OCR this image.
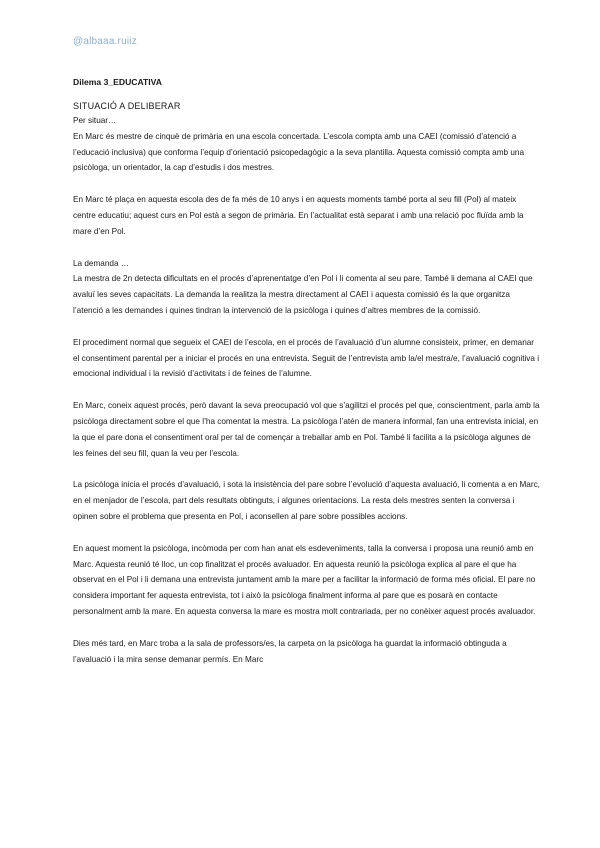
@albaaa.ruiiz
Dilema 3_EDUCATIVA
SITUACIÓ A DELIBERAR

Per situar…

En Marc és mestre de cinquè de primària en una escola concertada. L’escola compta amb una CAEI (comissió d’atenció a l’educació inclusiva) que conforma l’equip d’orientació psicopedagògic a la seva plantilla. Aquesta comissió compta amb una psicòloga, un orientador, la cap d’estudis i dos mestres.

En Marc té plaça en aquesta escola des de fa més de 10 anys i en aquests moments també porta al seu fill (Pol) al mateix centre educatiu; aquest curs en Pol està a segon de primària. En l’actualitat està separat i amb una relació poc fluïda amb la mare d’en Pol.

La demanda …

La mestra de 2n detecta dificultats en el procés d’aprenentatge d’en Pol i li comenta al seu pare. També li demana al CAEI que avaluï les seves capacitats. La demanda la realitza la mestra directament al CAEI i aquesta comissió és la que organitza l’atenció a les demandes i quines tindran la intervenció de la psicòloga i quines d’altres membres de la comissió.

El procediment normal que segueix el CAEI de l’escola, en el procés de l’avaluació d’un alumne consisteix, primer, en demanar el consentiment parental per a iniciar el procés en una entrevista. Seguit de l’entrevista amb la/el mestra/e, l’avaluació cognitiva i emocional individual i la revisió d’activitats i de feines de l’alumne.

En Marc, coneix aquest procés, però davant la seva preocupació vol que s’agilitzi el procés pel que, conscientment, parla amb la psicòloga directament sobre el que l’ha comentat la mestra. La psicòloga l’atén de manera informal, fan una entrevista inicial, en la que el pare dona el consentiment oral per tal de començar a treballar amb en Pol. També li facilita a la psicòloga algunes de les feines del seu fill, quan la veu per l’escola.

La psicòloga inicia el procés d’avaluació, i sota la insistència del pare sobre l’evolució d’aquesta avaluació, li comenta a en Marc, en el menjador de l’escola, part dels resultats obtinguts, i algunes orientacions. La resta dels mestres senten la conversa i opinen sobre el problema que presenta en Pol, i aconsellen al pare sobre possibles accions.

En aquest moment la psicòloga, incòmoda per com han anat els esdeveniments, talla la conversa i proposa una reunió amb en Marc. Aquesta reunió té lloc, un cop finalitzat el procés avaluador. En aquesta reunió la psicòloga explica al pare el que ha observat en el Pol i li demana una entrevista juntament amb la mare per a facilitar la informació de forma més oficial. El pare no considera important fer aquesta entrevista, tot i això la psicòloga finalment informa al pare que es posarà en contacte personalment amb la mare. En aquesta conversa la mare es mostra molt contrariada, per no conèixer aquest procés avaluador.

Dies més tard, en Marc troba a la sala de professors/es, la carpeta on la psicòloga ha guardat la informació obtinguda a l’avaluació i la mira sense demanar permís. En Marc
